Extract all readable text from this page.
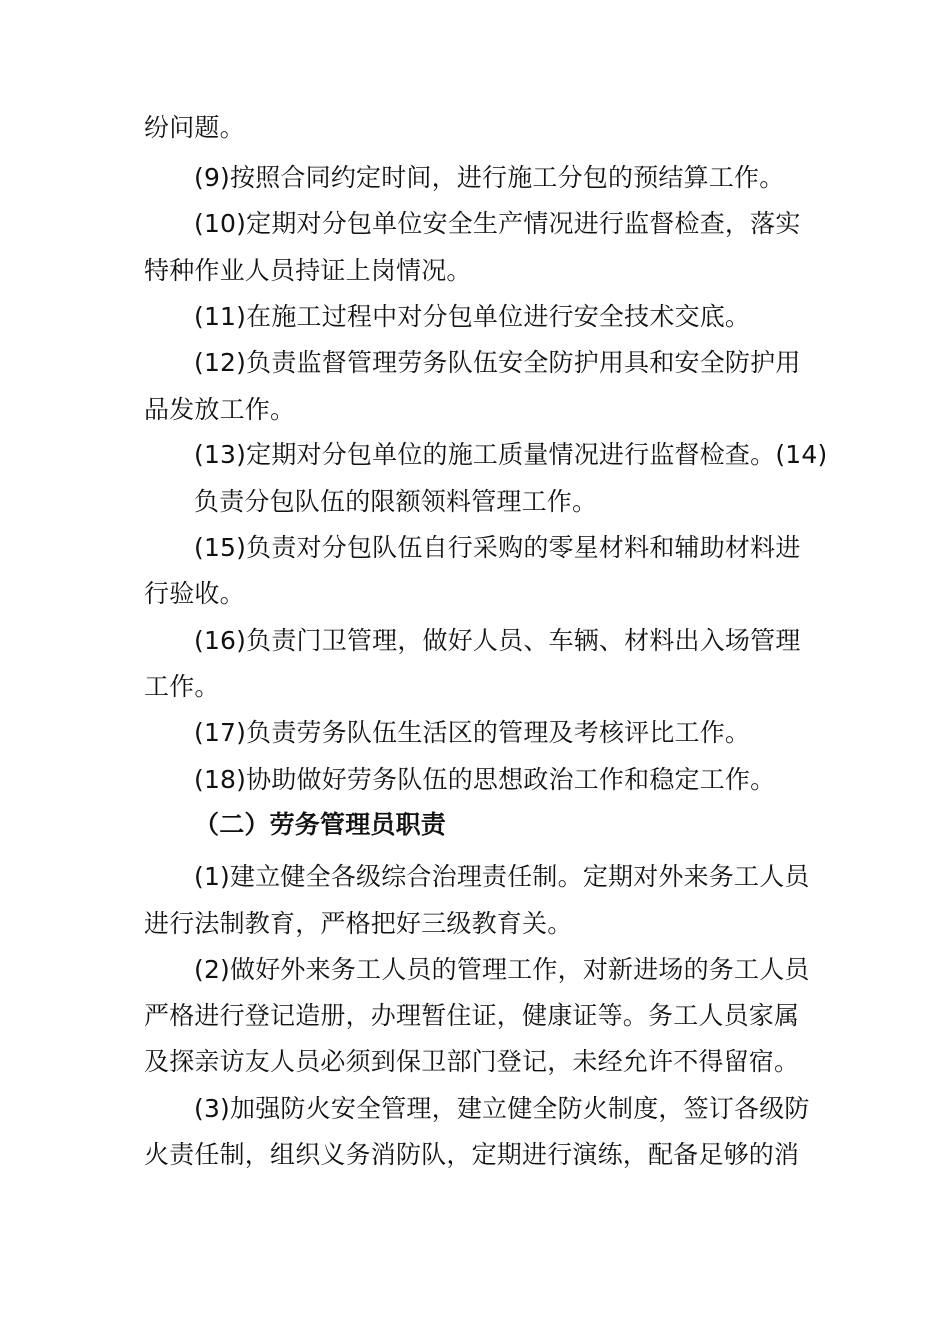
纷问题。
(9)按照合同约定时间，进行施工分包的预结算工作。
(10)定期对分包单位安全生产情况进行监督检查，落实
特种作业人员持证上岗情况。
(11)在施工过程中对分包单位进行安全技术交底。
(12)负责监督管理劳务队伍安全防护用具和安全防护用
品发放工作。
(13)定期对分包单位的施工质量情况进行监督检查。(14)
负责分包队伍的限额领料管理工作。
(15)负责对分包队伍自行采购的零星材料和辅助材料进
行验收。
(16)负责门卫管理，做好人员、车辆、材料出入场管理
工作。
(17)负责劳务队伍生活区的管理及考核评比工作。
(18)协助做好劳务队伍的思想政治工作和稳定工作。
（二）劳务管理员职责
(1)建立健全各级综合治理责任制。定期对外来务工人员
进行法制教育，严格把好三级教育关。
(2)做好外来务工人员的管理工作，对新进场的务工人员
严格进行登记造册，办理暂住证，健康证等。务工人员家属
及探亲访友人员必须到保卫部门登记，未经允许不得留宿。
(3)加强防火安全管理，建立健全防火制度，签订各级防
火责任制，组织义务消防队，定期进行演练，配备足够的消
